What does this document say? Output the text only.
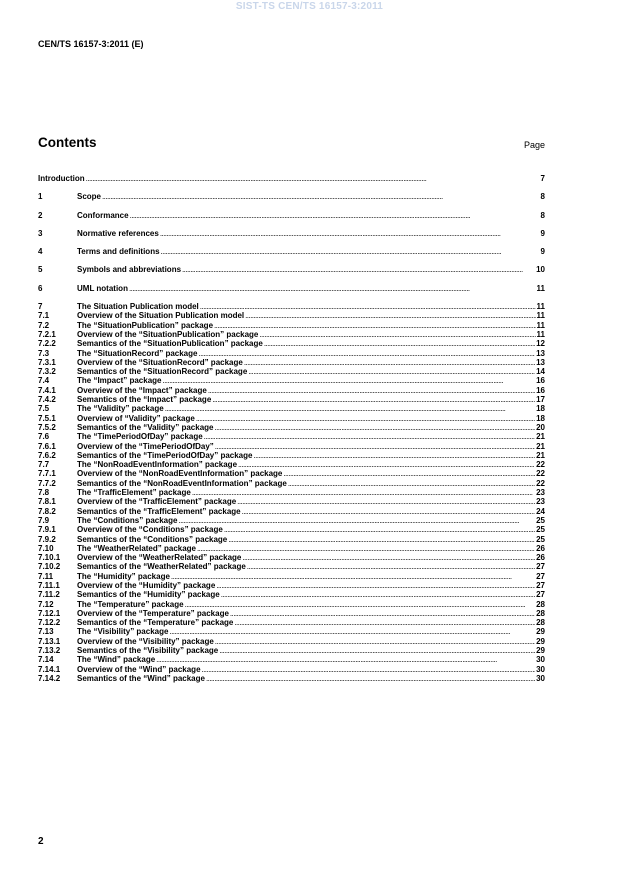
SIST-TS CEN/TS 16157-3:2011
CEN/TS 16157-3:2011 (E)
Contents	Page
Introduction . . .	7
1	Scope . . .	8
2	Conformance . . .	8
3	Normative references . . .	9
4	Terms and definitions . . .	9
5	Symbols and abbreviations . . .	10
6	UML notation . . .	11
7	The Situation Publication model . . .	11
7.1	Overview of the Situation Publication model . . .	11
7.2	The “SituationPublication” package . . .	11
7.2.1	Overview of the “SituationPublication” package . . .	11
7.2.2	Semantics of the “SituationPublication” package . . .	12
7.3	The “SituationRecord” package . . .	13
7.3.1	Overview of the “SituationRecord” package . . .	13
7.3.2	Semantics of the “SituationRecord” package . . .	14
7.4	The “Impact” package . . .	16
7.4.1	Overview of the “Impact” package . . .	16
7.4.2	Semantics of the “Impact” package . . .	17
7.5	The “Validity” package . . .	18
7.5.1	Overview of “Validity” package . . .	18
7.5.2	Semantics of the “Validity” package . . .	20
7.6	The “TimePeriodOfDay” package . . .	21
7.6.1	Overview of the “TimePeriodOfDay” . . .	21
7.6.2	Semantics of the “TimePeriodOfDay” package . . .	21
7.7	The “NonRoadEventInformation” package . . .	22
7.7.1	Overview of the “NonRoadEventInformation” package . . .	22
7.7.2	Semantics of the “NonRoadEventInformation” package . . .	22
7.8	The “TrafficElement” package . . .	23
7.8.1	Overview of the “TrafficElement” package . . .	23
7.8.2	Semantics of the “TrafficElement” package . . .	24
7.9	The “Conditions” package . . .	25
7.9.1	Overview of the “Conditions” package . . .	25
7.9.2	Semantics of the “Conditions” package . . .	25
7.10	The “WeatherRelated” package . . .	26
7.10.1	Overview of the “WeatherRelated” package . . .	26
7.10.2	Semantics of the “WeatherRelated” package . . .	27
7.11	The “Humidity” package . . .	27
7.11.1	Overview of the “Humidity” package . . .	27
7.11.2	Semantics of the “Humidity” package . . .	27
7.12	The “Temperature” package . . .	28
7.12.1	Overview of the “Temperature” package . . .	28
7.12.2	Semantics of the “Temperature” package . . .	28
7.13	The “Visibility” package . . .	29
7.13.1	Overview of the “Visibility” package . . .	29
7.13.2	Semantics of the “Visibility” package . . .	29
7.14	The “Wind” package . . .	30
7.14.1	Overview of the “Wind” package . . .	30
7.14.2	Semantics of the “Wind” package . . .	30
2
